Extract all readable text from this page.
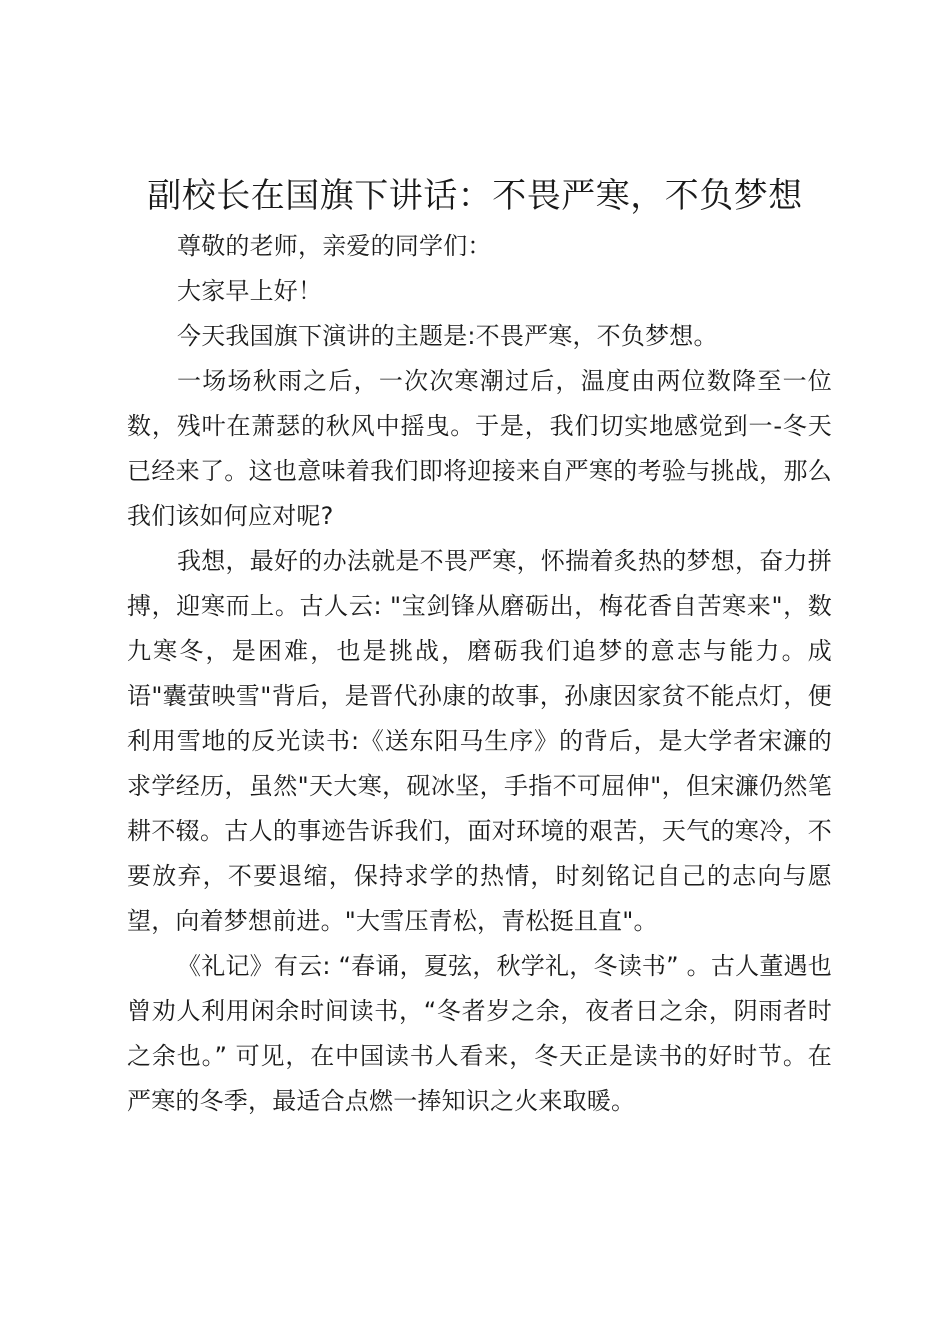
副校长在国旗下讲话：不畏严寒，不负梦想

尊敬的老师，亲爱的同学们：

大家早上好！

今天我国旗下演讲的主题是:不畏严寒，不负梦想。

一场场秋雨之后，一次次寒潮过后，温度由两位数降至一位数，残叶在萧瑟的秋风中摇曳。于是，我们切实地感觉到一-冬天已经来了。这也意味着我们即将迎接来自严寒的考验与挑战，那么我们该如何应对呢?

我想，最好的办法就是不畏严寒，怀揣着炙热的梦想，奋力拼搏，迎寒而上。古人云: "宝剑锋从磨砺出，梅花香自苦寒来"，数九寒冬，是困难，也是挑战，磨砺我们追梦的意志与能力。成语"囊萤映雪"背后，是晋代孙康的故事，孙康因家贫不能点灯，便利用雪地的反光读书:《送东阳马生序》的背后，是大学者宋濂的求学经历，虽然"天大寒，砚冰坚，手指不可屈伸"，但宋濂仍然笔耕不辍。古人的事迹告诉我们，面对环境的艰苦，天气的寒冷，不要放弃，不要退缩，保持求学的热情，时刻铭记自己的志向与愿望，向着梦想前进。"大雪压青松，青松挺且直"。

《礼记》有云: “春诵，夏弦，秋学礼，冬读书” 。古人董遇也曾劝人利用闲余时间读书，“冬者岁之余，夜者日之余，阴雨者时之余也。” 可见，在中国读书人看来，冬天正是读书的好时节。在严寒的冬季，最适合点燃一捧知识之火来取暖。
